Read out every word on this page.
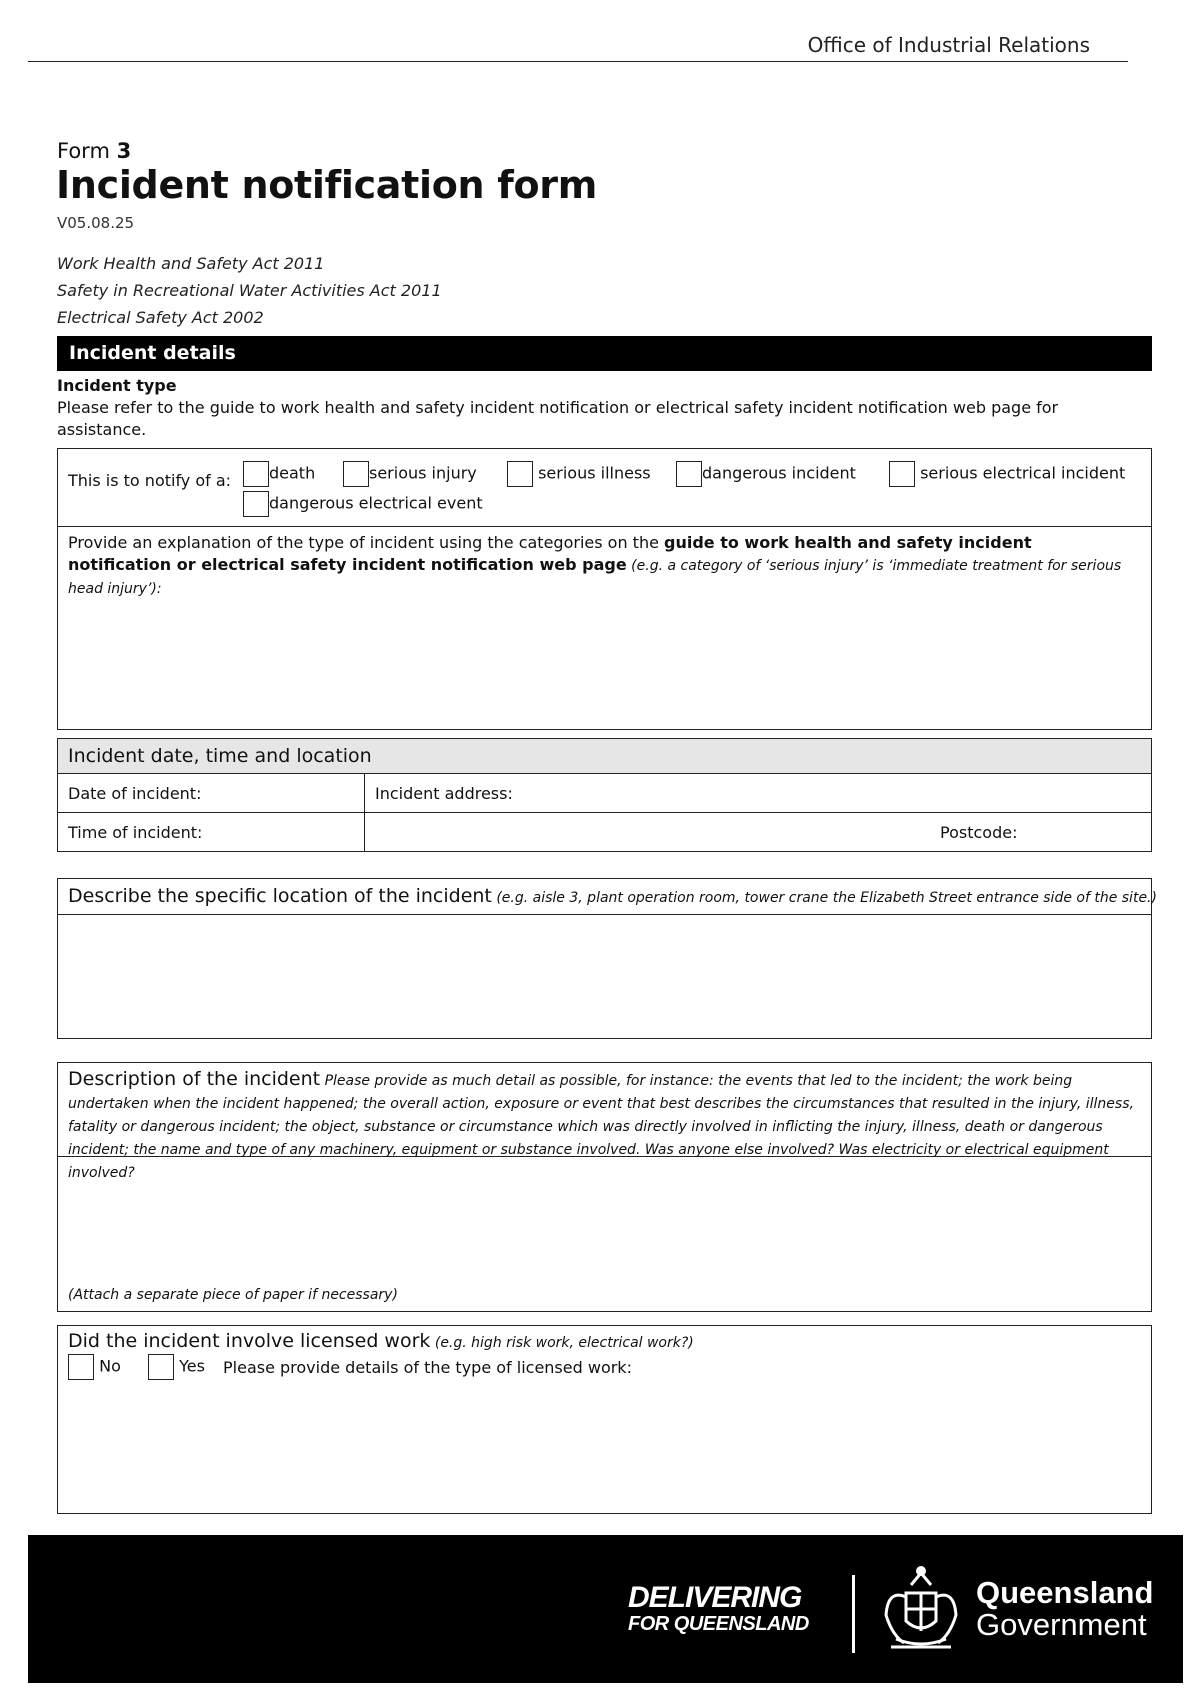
Office of Industrial Relations
Form 3
Incident notification form
V05.08.25
Work Health and Safety Act 2011
Safety in Recreational Water Activities Act 2011
Electrical Safety Act 2002
Incident details
Incident type
Please refer to the guide to work health and safety incident notification or electrical safety incident notification web page for assistance.
This is to notify of a:	death	serious injury	serious illness	dangerous incident	serious electrical incident
dangerous electrical event
Provide an explanation of the type of incident using the categories on the guide to work health and safety incident notification or electrical safety incident notification web page (e.g. a category of ‘serious injury’ is ‘immediate treatment for serious head injury’):
Incident date, time and location
Date of incident:	Incident address:
Time of incident:	Postcode:
Describe the specific location of the incident (e.g. aisle 3, plant operation room, tower crane the Elizabeth Street entrance side of the site.)
Description of the incident Please provide as much detail as possible, for instance: the events that led to the incident; the work being undertaken when the incident happened; the overall action, exposure or event that best describes the circumstances that resulted in the injury, illness, fatality or dangerous incident; the object, substance or circumstance which was directly involved in inflicting the injury, illness, death or dangerous incident; the name and type of any machinery, equipment or substance involved. Was anyone else involved? Was electricity or electrical equipment involved?
(Attach a separate piece of paper if necessary)
Did the incident involve licensed work (e.g. high risk work, electrical work?)
No	Yes Please provide details of the type of licensed work:
DELIVERING
FOR QUEENSLAND
Queensland
Government
